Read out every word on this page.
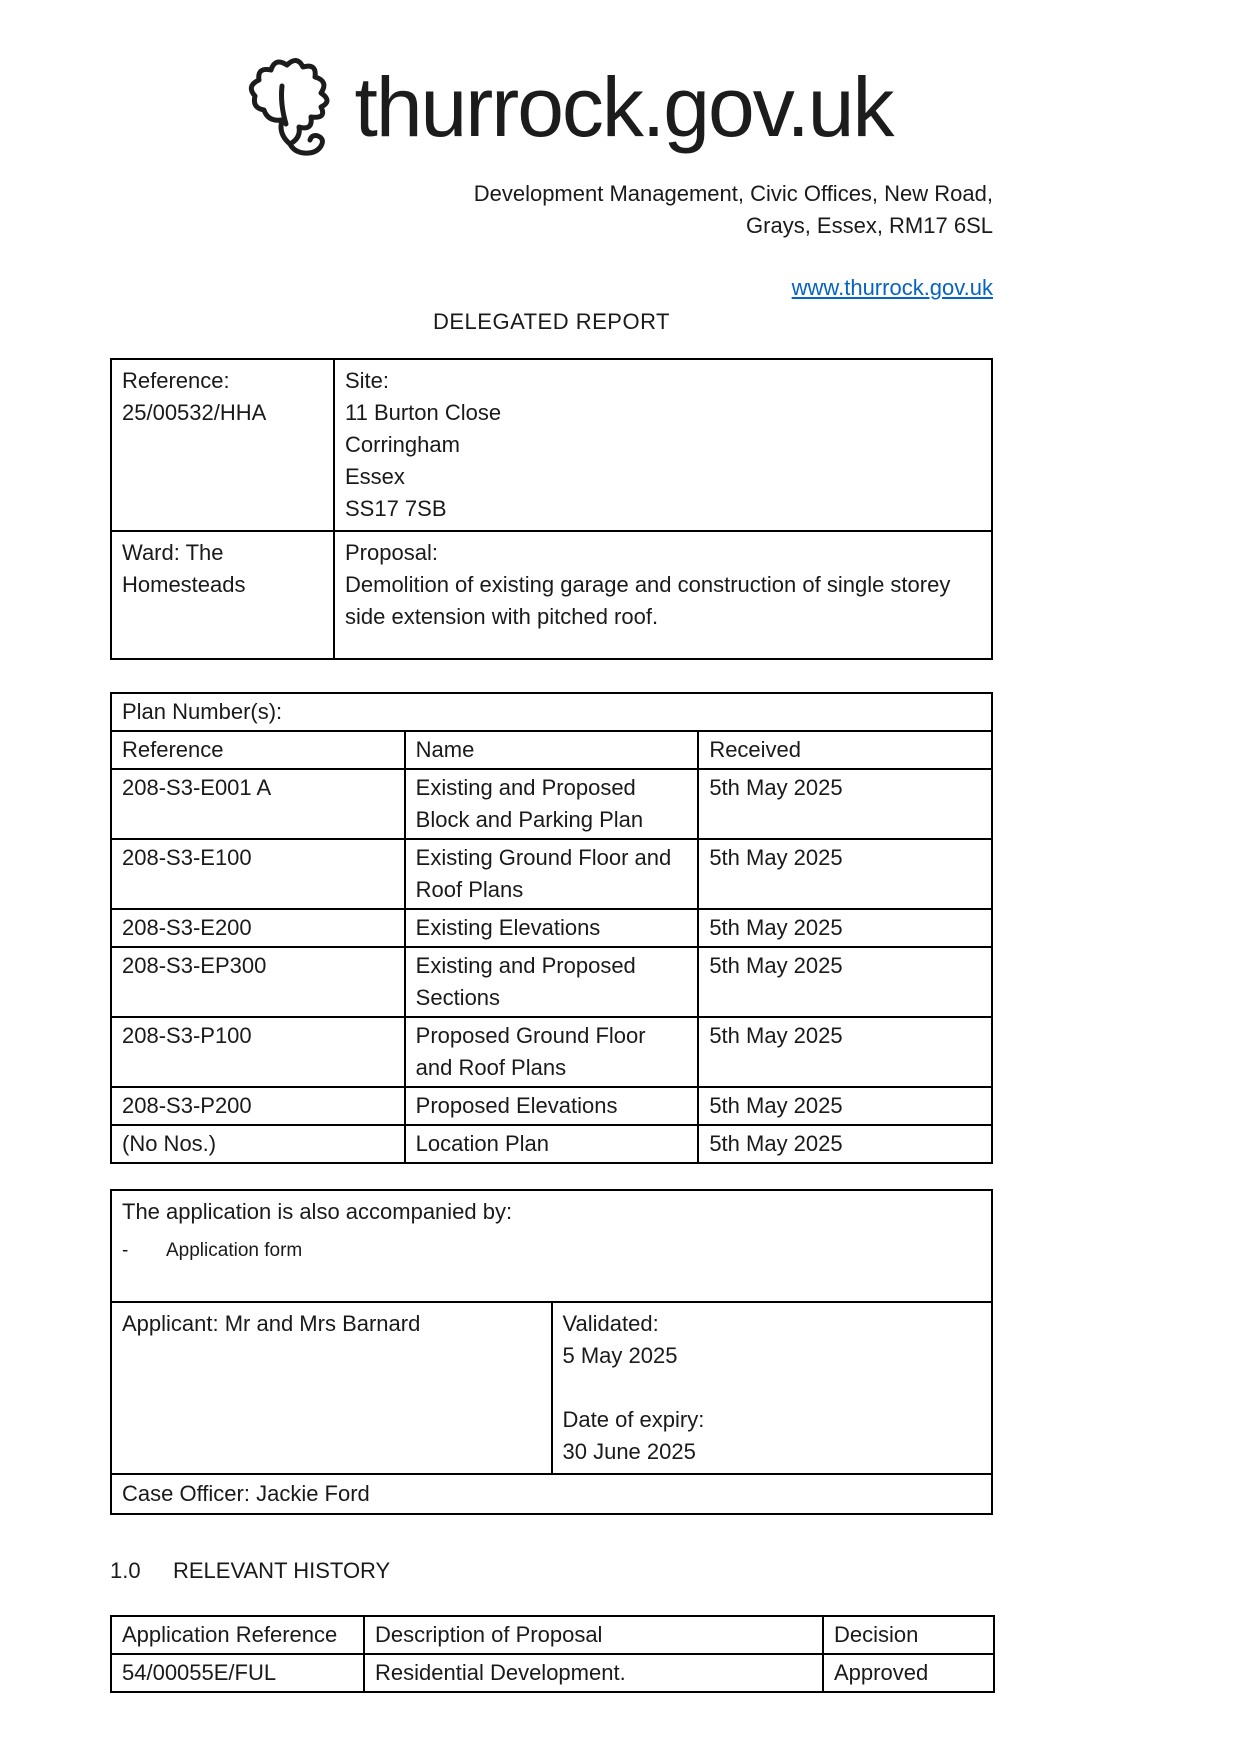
thurrock.gov.uk
Development Management, Civic Offices, New Road,
Grays, Essex, RM17 6SL
www.thurrock.gov.uk
DELEGATED REPORT
Reference:
25/00532/HHA

Site:
11 Burton Close
Corringham
Essex
SS17 7SB

Ward: The Homesteads	Proposal:
Demolition of existing garage and construction of single storey side extension with pitched roof.
Plan Number(s):		
Reference	Name	Received
208-S3-E001 A	Existing and Proposed Block and Parking Plan	5th May 2025
208-S3-E100	Existing Ground Floor and Roof Plans	5th May 2025
208-S3-E200	Existing Elevations	5th May 2025
208-S3-EP300	Existing and Proposed Sections	5th May 2025
208-S3-P100	Proposed Ground Floor and Roof Plans	5th May 2025
208-S3-P200	Proposed Elevations	5th May 2025
(No Nos.)	Location Plan	5th May 2025
The application is also accompanied by:
-	Application form

Applicant: Mr and Mrs Barnard	Validated:
5 May 2025
Date of expiry:
30 June 2025

Case Officer: Jackie Ford
1.0	RELEVANT HISTORY
Application Reference	Description of Proposal	Decision
54/00055E/FUL	Residential Development.	Approved
